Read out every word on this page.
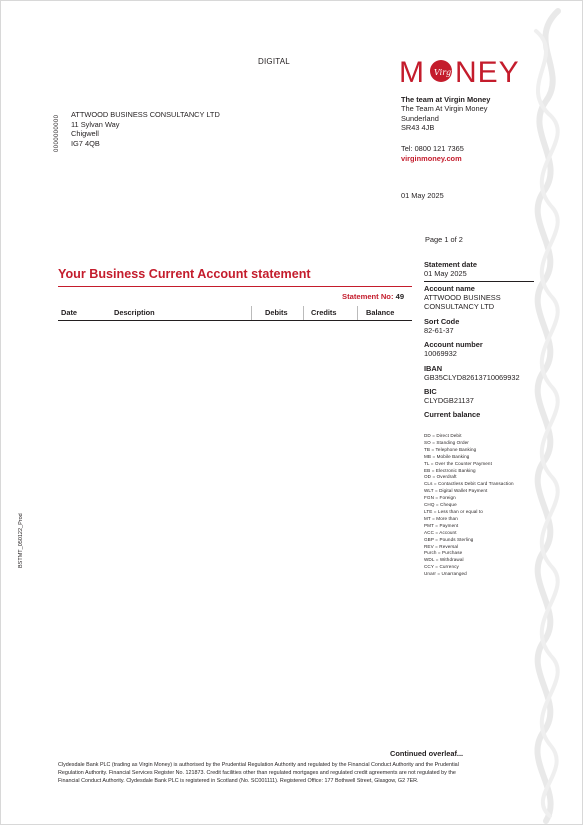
DIGITAL	M Virgin
NEY
The team at Virgin Money
The Team At Virgin Money
Sunderland
SR43 4JB
Tel: 0800 121 7365
virginmoney.com
01 May 2025
0000000000
ATTWOOD BUSINESS CONSULTANCY LTD
11 Sylvan Way
Chigwell
IG7 4QB
BSTMT_050122_Prod
Page 1 of 2
Your Business Current Account statement
Statement No: 49
Date	Description	Debits	Credits	Balance
Statement date
01 May 2025
Account name
ATTWOOD BUSINESS CONSULTANCY LTD
Sort Code
82-61-37
Account number
10069932
IBAN
GB35CLYD82613710069932
BIC
CLYDGB21137
Current balance
DD = Direct Debit
SO = Standing Order
TB = Telephone Banking
MB = Mobile Banking
TL = Over the Counter Payment
EB = Electronic Banking
OD = Overdraft
CLs = Contactless Debit Card Transaction
WLT = Digital Wallet Payment
FGN = Foreign
CHQ = Cheque
LTE = Less than or equal to
MT = More than
PMT = Payment
ACC = Account
GBP = Pounds Sterling
REV = Reversal
Purch = Purchase
WDL = Withdrawal
CCY = Currency
Unarr = Unarranged
Continued overleaf...
Clydesdale Bank PLC (trading as Virgin Money) is authorised by the Prudential Regulation Authority and regulated by the Financial Conduct Authority and the Prudential Regulation Authority. Financial Services Register No. 121873. Credit facilities other than regulated mortgages and regulated credit agreements are not regulated by the Financial Conduct Authority. Clydesdale Bank PLC is registered in Scotland (No. SC001111). Registered Office: 177 Bothwell Street, Glasgow, G2 7ER.
